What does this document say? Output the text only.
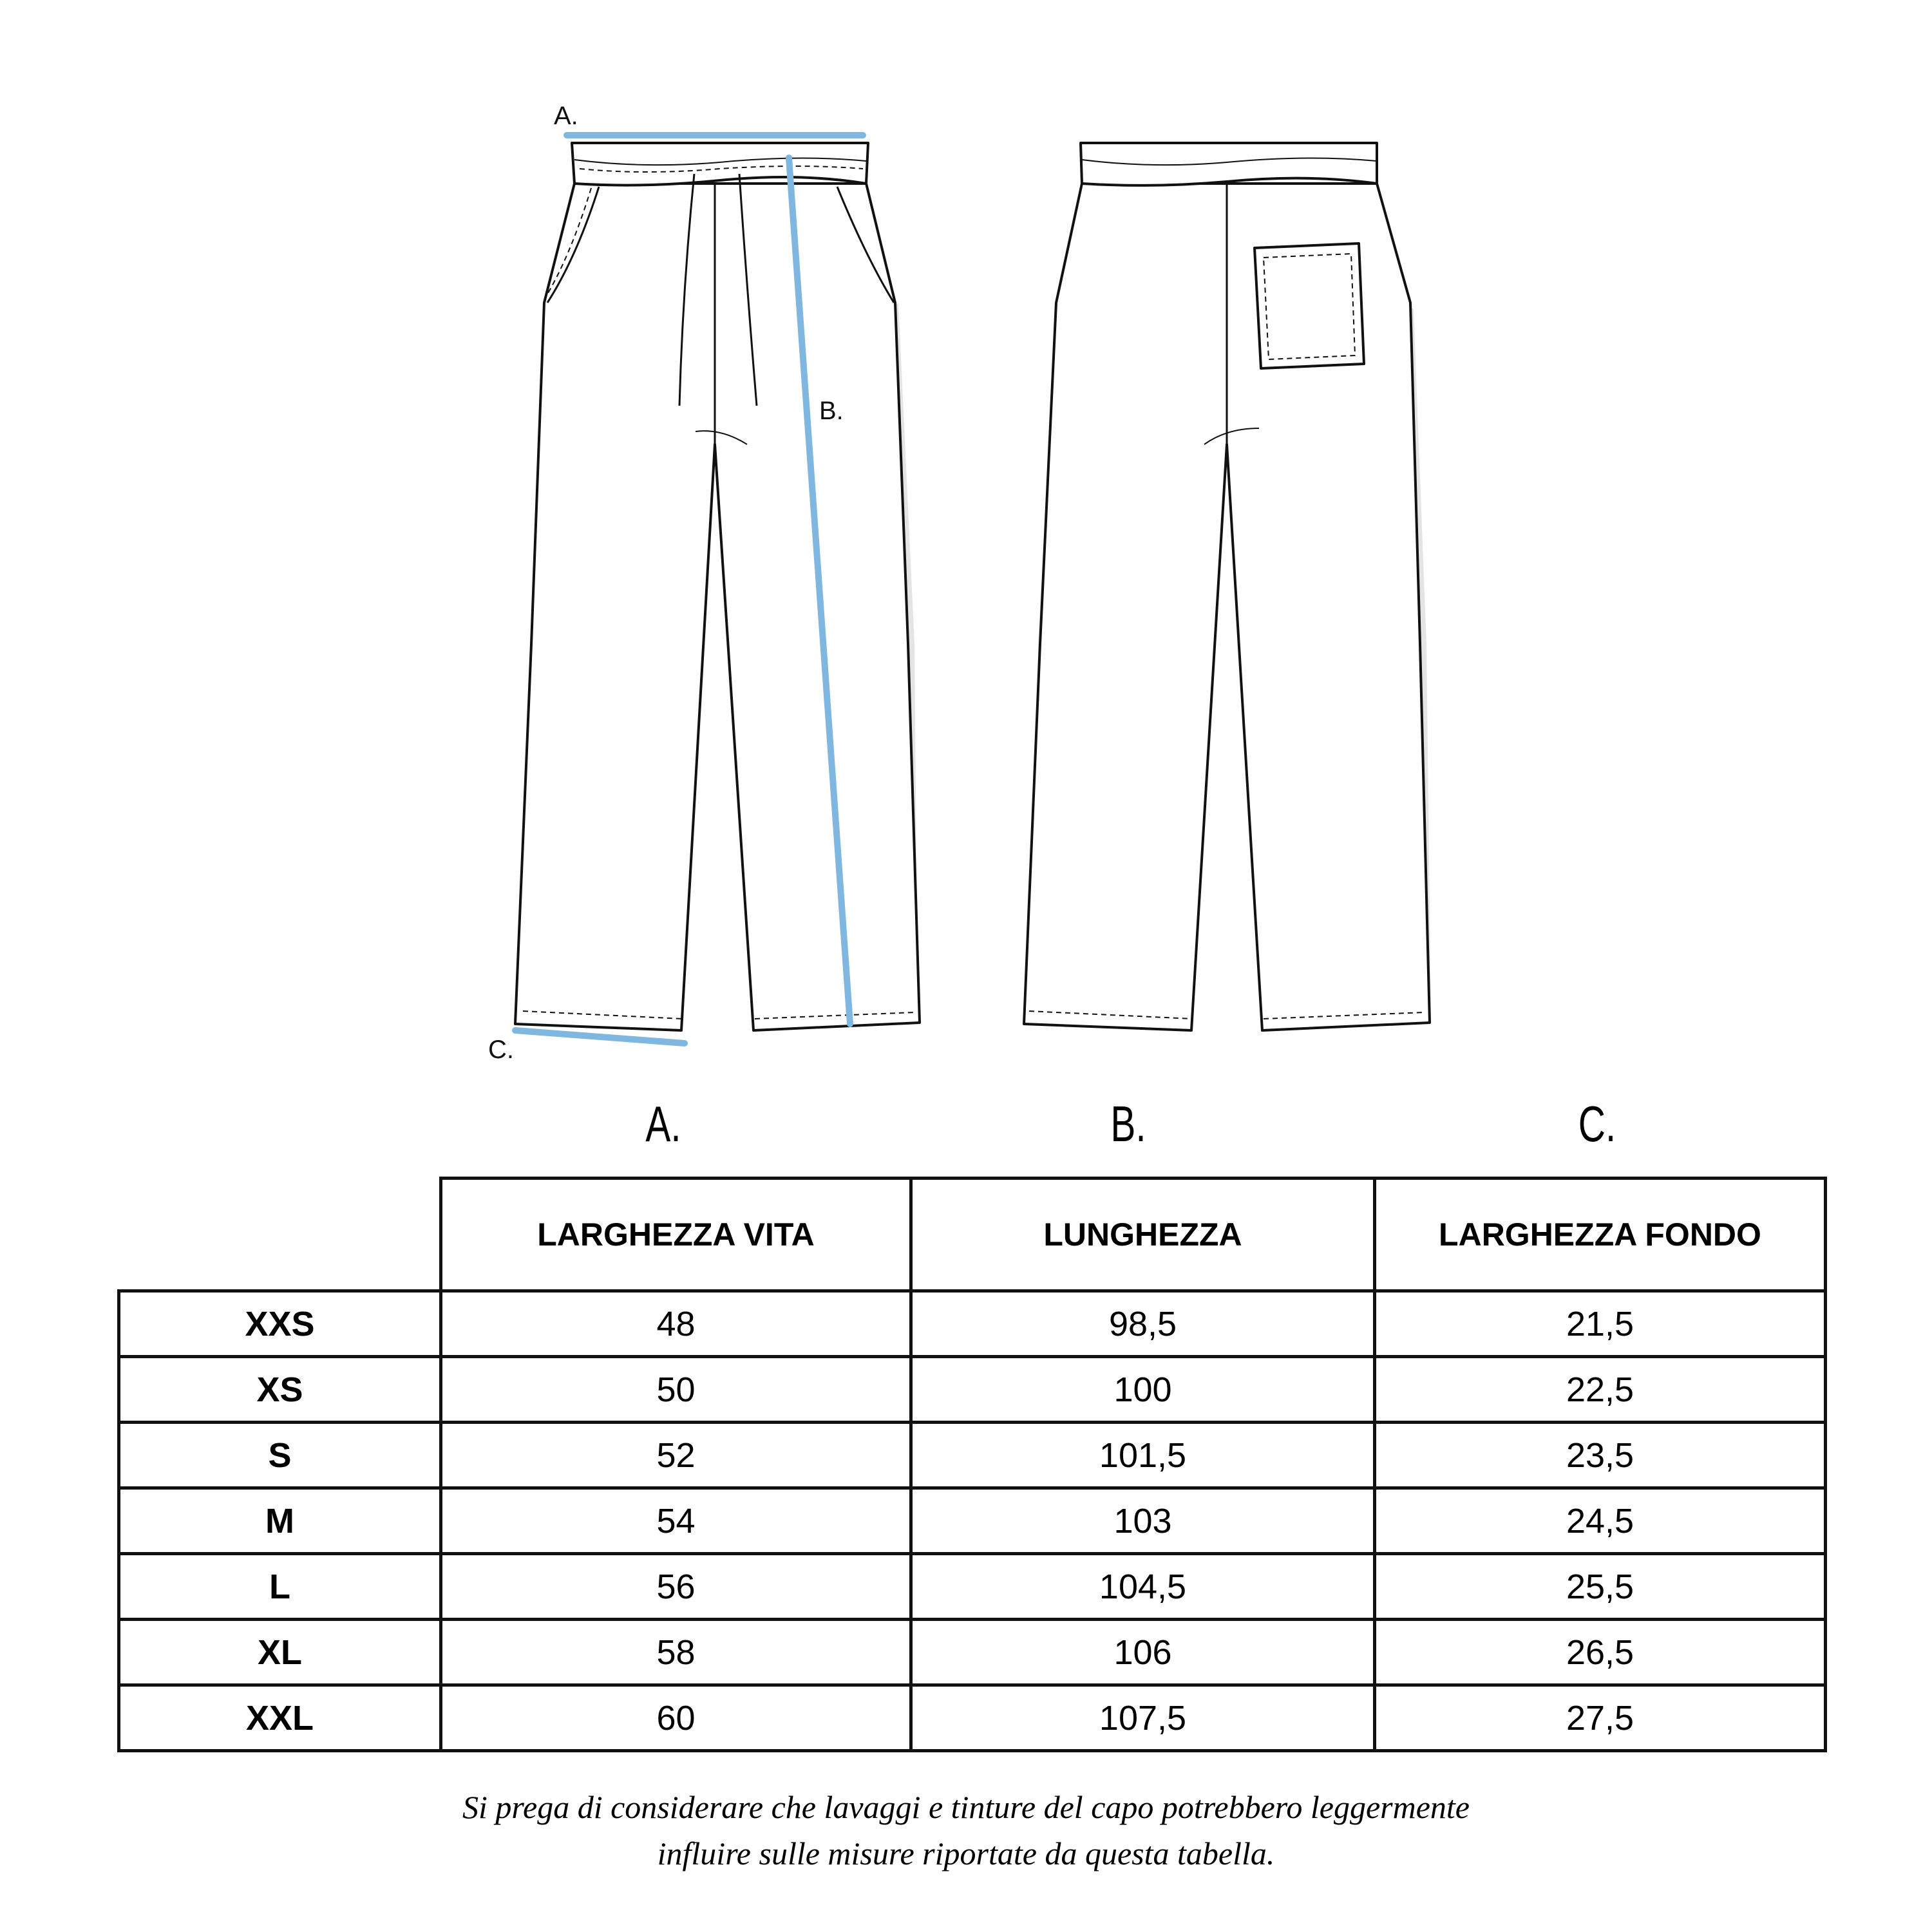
A.
B.
C.
A.	B.	C.
	LARGHEZZA VITA	LUNGHEZZA	LARGHEZZA FONDO
XXS	48	98,5	21,5
XS	50	100	22,5
S	52	101,5	23,5
M	54	103	24,5
L	56	104,5	25,5
XL	58	106	26,5
XXL	60	107,5	27,5
Si prega di considerare che lavaggi e tinture del capo potrebbero leggermente
influire sulle misure riportate da questa tabella.
